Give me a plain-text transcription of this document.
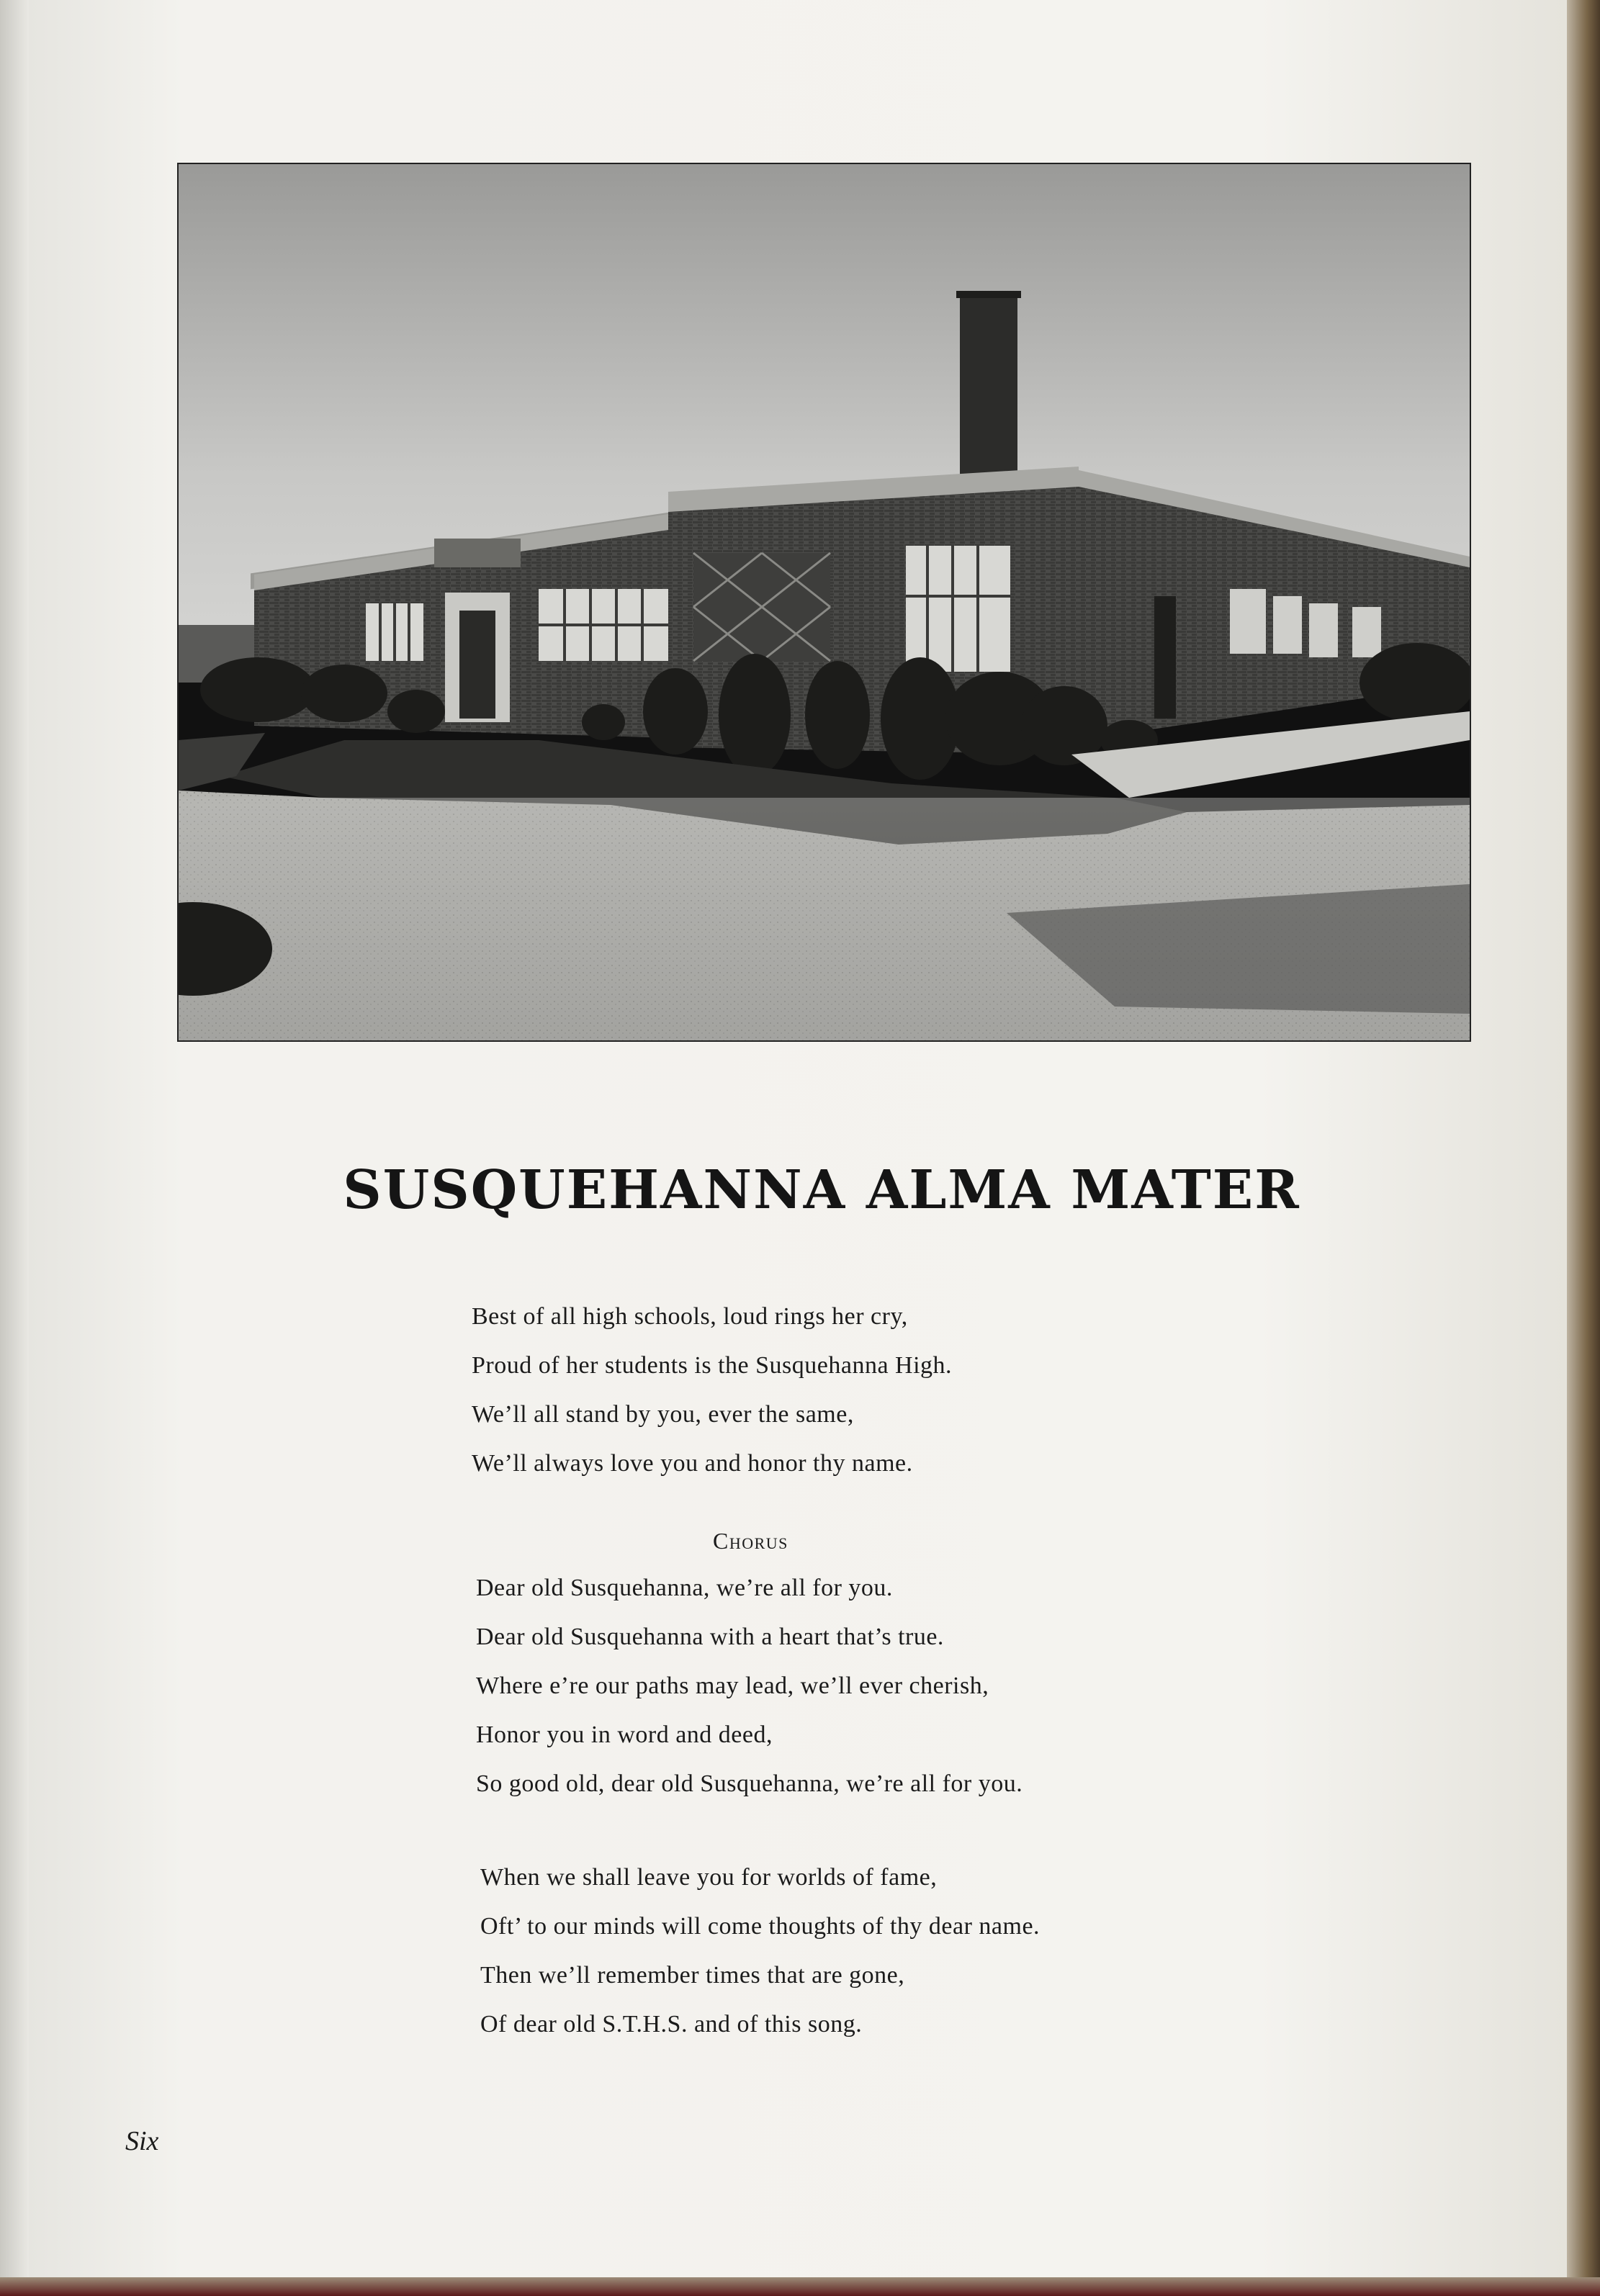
SUSQUEHANNA ALMA MATER
Best of all high schools, loud rings her cry,
Proud of her students is the Susquehanna High.
We’ll all stand by you, ever the same,
We’ll always love you and honor thy name.
Chorus
Dear old Susquehanna, we’re all for you.
Dear old Susquehanna with a heart that’s true.
Where e’re our paths may lead, we’ll ever cherish,
Honor you in word and deed,
So good old, dear old Susquehanna, we’re all for you.
When we shall leave you for worlds of fame,
Oft’ to our minds will come thoughts of thy dear name.
Then we’ll remember times that are gone,
Of dear old S.T.H.S. and of this song.
Six
